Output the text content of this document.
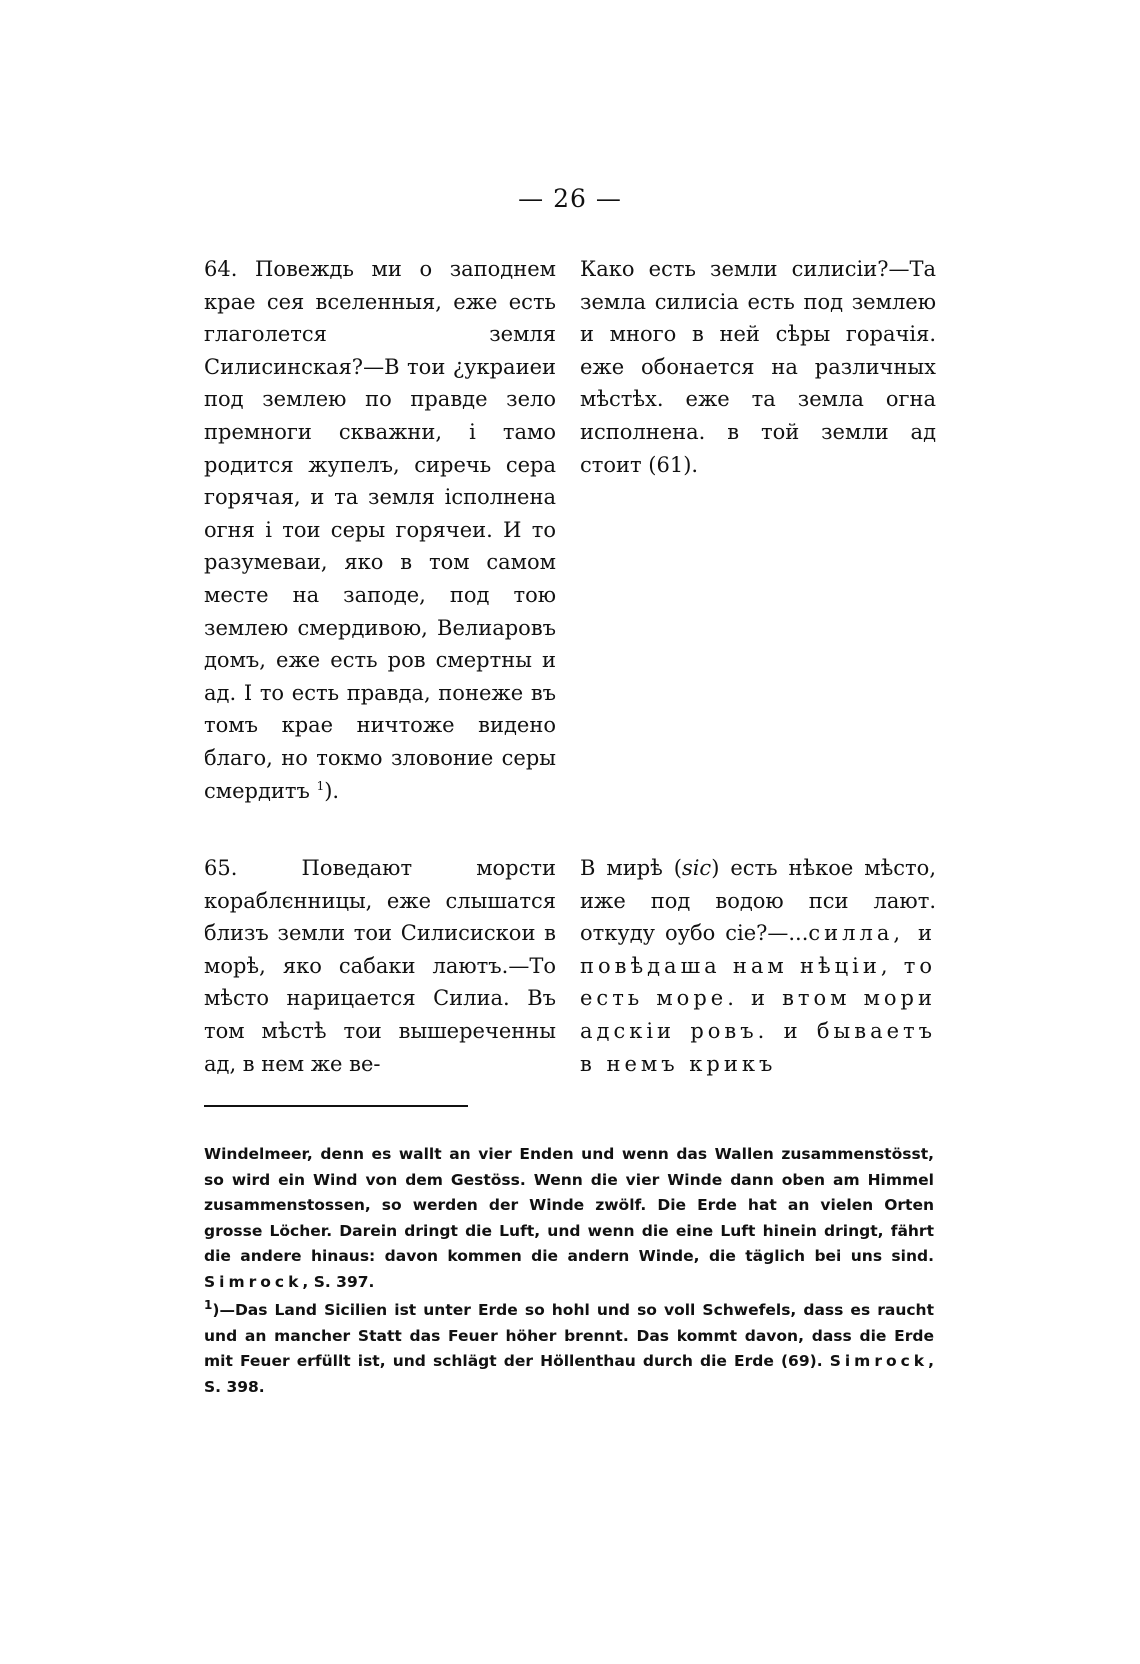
— 26 —

64. Повеждь ми о заподнем крае сея вселенныя, еже есть глаголется земля Силисинская?—В тои ¿украиеи под землею по правде зело премноги скважни, і тамо родится жупелъ, сиречь сера горячая, и та земля ісполнена огня і тои серы горячеи. И то разумеваи, яко в том самом месте на заподе, под тою землею смердивою, Велиаровъ домъ, еже есть ров смертны и ад. І то есть правда, понеже въ томъ крае ничтоже видено благо, но токмо зловоние серы смердитъ $^1$).

Како есть земли силисіи?—Та земла силисіа есть под землею и много в ней сѣры горачія. еже обонается на различных мѣстѣх. еже та земла огна исполнена. в той земли ад стоит (61).

65. Поведают морсти кораблєнницы, еже слышатся близъ земли тои Силисискои в морѣ, яко сабаки лаютъ.—То мѣсто нарицается Силиа. Въ том мѣстѣ тои вышереченны ад, в нем же ве-

В мирѣ (sic) есть нѣкое мѣсто, иже под водою пси лают. откуду оубо сіе?—...силла, и повѣдаша нам нѣціи, то есть море. и втом мори адскіи ровъ. и бываетъ в немъ крикъ

Windelmeer, denn es wallt an vier Enden und wenn das Wallen zusammenstösst, so wird ein Wind von dem Gestöss. Wenn die vier Winde dann oben am Himmel zusammenstossen, so werden der Winde zwölf. Die Erde hat an vielen Orten grosse Löcher. Darein dringt die Luft, und wenn die eine Luft hinein dringt, fährt die andere hinaus: davon kommen die andern Winde, die täglich bei uns sind. Simrock, S. 397.

$^1$)—Das Land Sicilien ist unter Erde so hohl und so voll Schwefels, dass es raucht und an mancher Statt das Feuer höher brennt. Das kommt davon, dass die Erde mit Feuer erfüllt ist, und schlägt der Höllenthau durch die Erde (69). Simrock, S. 398.
